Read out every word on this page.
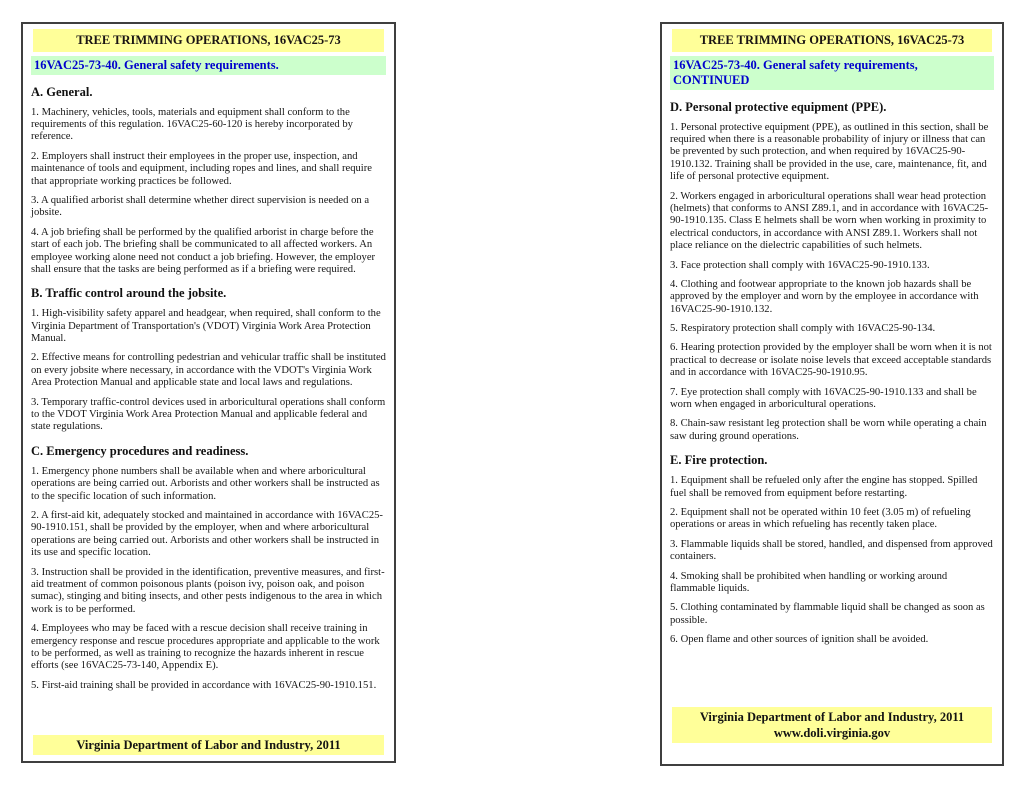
TREE TRIMMING OPERATIONS, 16VAC25-73
16VAC25-73-40. General safety requirements.
A. General.
1. Machinery, vehicles, tools, materials and equipment shall conform to the requirements of this regulation. 16VAC25-60-120 is hereby incorporated by reference.
2. Employers shall instruct their employees in the proper use, inspection, and maintenance of tools and equipment, including ropes and lines, and shall require that appropriate working practices be followed.
3. A qualified arborist shall determine whether direct supervision is needed on a jobsite.
4. A job briefing shall be performed by the qualified arborist in charge before the start of each job. The briefing shall be communicated to all affected workers. An employee working alone need not conduct a job briefing. However, the employer shall ensure that the tasks are being performed as if a briefing were required.
B. Traffic control around the jobsite.
1. High-visibility safety apparel and headgear, when required, shall conform to the Virginia Department of Transportation's (VDOT) Virginia Work Area Protection Manual.
2. Effective means for controlling pedestrian and vehicular traffic shall be instituted on every jobsite where necessary, in accordance with the VDOT's Virginia Work Area Protection Manual and applicable state and local laws and regulations.
3. Temporary traffic-control devices used in arboricultural operations shall conform to the VDOT Virginia Work Area Protection Manual and applicable federal and state regulations.
C. Emergency procedures and readiness.
1. Emergency phone numbers shall be available when and where arboricultural operations are being carried out. Arborists and other workers shall be instructed as to the specific location of such information.
2. A first-aid kit, adequately stocked and maintained in accordance with 16VAC25-90-1910.151, shall be provided by the employer, when and where arboricultural operations are being carried out. Arborists and other workers shall be instructed in its use and specific location.
3. Instruction shall be provided in the identification, preventive measures, and first-aid treatment of common poisonous plants (poison ivy, poison oak, and poison sumac), stinging and biting insects, and other pests indigenous to the area in which work is to be performed.
4. Employees who may be faced with a rescue decision shall receive training in emergency response and rescue procedures appropriate and applicable to the work to be performed, as well as training to recognize the hazards inherent in rescue efforts (see 16VAC25-73-140, Appendix E).
5. First-aid training shall be provided in accordance with 16VAC25-90-1910.151.
Virginia Department of Labor and Industry, 2011
TREE TRIMMING OPERATIONS, 16VAC25-73
16VAC25-73-40. General safety requirements, CONTINUED
D. Personal protective equipment (PPE).
1. Personal protective equipment (PPE), as outlined in this section, shall be required when there is a reasonable probability of injury or illness that can be prevented by such protection, and when required by 16VAC25-90-1910.132. Training shall be provided in the use, care, maintenance, fit, and life of personal protective equipment.
2. Workers engaged in arboricultural operations shall wear head protection (helmets) that conforms to ANSI Z89.1, and in accordance with 16VAC25-90-1910.135. Class E helmets shall be worn when working in proximity to electrical conductors, in accordance with ANSI Z89.1. Workers shall not place reliance on the dielectric capabilities of such helmets.
3. Face protection shall comply with 16VAC25-90-1910.133.
4. Clothing and footwear appropriate to the known job hazards shall be approved by the employer and worn by the employee in accordance with 16VAC25-90-1910.132.
5. Respiratory protection shall comply with 16VAC25-90-134.
6. Hearing protection provided by the employer shall be worn when it is not practical to decrease or isolate noise levels that exceed acceptable standards and in accordance with 16VAC25-90-1910.95.
7. Eye protection shall comply with 16VAC25-90-1910.133 and shall be worn when engaged in arboricultural operations.
8. Chain-saw resistant leg protection shall be worn while operating a chain saw during ground operations.
E. Fire protection.
1. Equipment shall be refueled only after the engine has stopped. Spilled fuel shall be removed from equipment before restarting.
2. Equipment shall not be operated within 10 feet (3.05 m) of refueling operations or areas in which refueling has recently taken place.
3. Flammable liquids shall be stored, handled, and dispensed from approved containers.
4. Smoking shall be prohibited when handling or working around flammable liquids.
5. Clothing contaminated by flammable liquid shall be changed as soon as possible.
6. Open flame and other sources of ignition shall be avoided.
Virginia Department of Labor and Industry, 2011
www.doli.virginia.gov
